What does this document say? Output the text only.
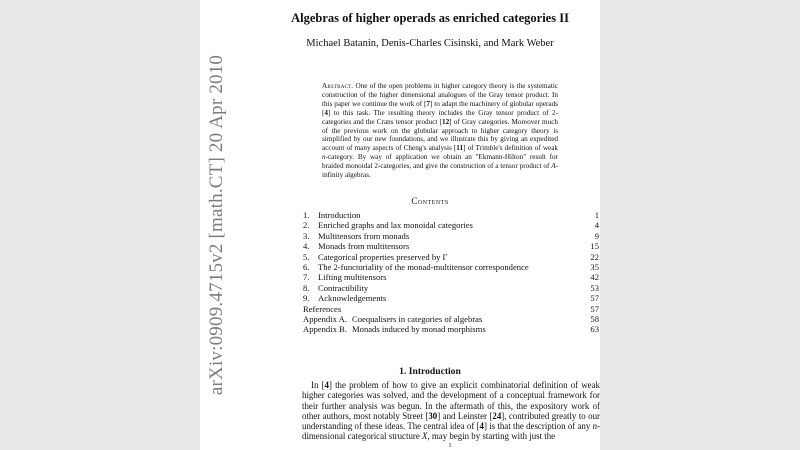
arXiv:0909.4715v2 [math.CT] 20 Apr 2010
Algebras of higher operads as enriched categories II
Michael Batanin, Denis-Charles Cisinski, and Mark Weber
Abstract. One of the open problems in higher category theory is the systematic construction of the higher dimensional analogues of the Gray tensor product. In this paper we continue the work of [7] to adapt the machinery of globular operads [4] to this task. The resulting theory includes the Gray tensor product of 2-categories and the Crans tensor product [12] of Gray categories. Moreover much of the previous work on the globular approach to higher category theory is simplified by our new foundations, and we illustrate this by giving an expedited account of many aspects of Cheng's analysis [11] of Trimble's definition of weak n-category. By way of application we obtain an "Ekmann-Hilton" result for braided monoidal 2-categories, and give the construction of a tensor product of A-infinity algebras.
Contents
1. Introduction	1
2. Enriched graphs and lax monoidal categories	4
3. Multitensors from monads	9
4. Monads from multitensors	15
5. Categorical properties preserved by Γ	22
6. The 2-functoriality of the monad-multitensor correspondence	35
7. Lifting multitensors	42
8. Contractibility	53
9. Acknowledgements	57
References	57
Appendix A. Coequalisers in categories of algebras	58
Appendix B. Monads induced by monad morphisms	63
1. Introduction
In [4] the problem of how to give an explicit combinatorial definition of weak higher categories was solved, and the development of a conceptual framework for their further analysis was begun. In the aftermath of this, the expository work of other authors, most notably Street [30] and Leinster [24], contributed greatly to our understanding of these ideas. The central idea of [4] is that the description of any n-dimensional categorical structure X, may begin by starting with just the
1
